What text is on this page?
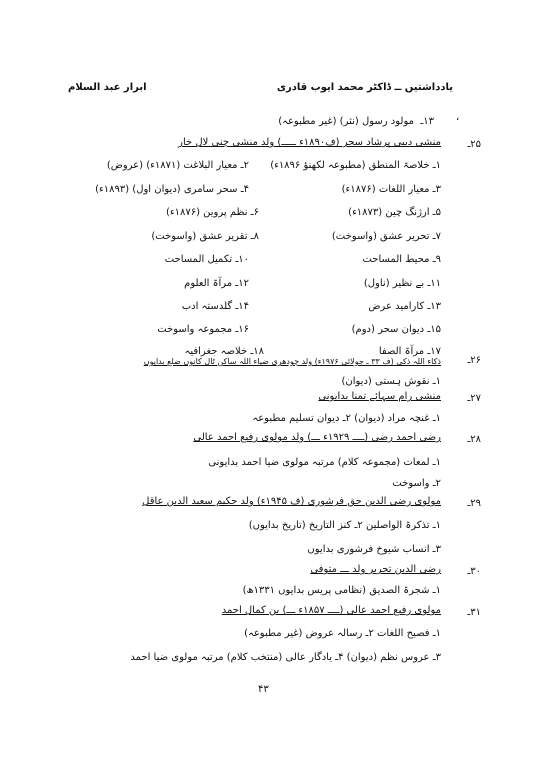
یادداشتیں ــ ڈاکٹر محمد ایوب قادری
ابرار عبد السلام
،
۱۳ـ
مولود رسول (نثر) (غیر مطبوعہ)
۲۵ـ
منشی دیبی پرشاد سحر (ف۱۸۹۰ء ـــــ) ولد منشی چنی لال خار
۱ـ خلاصۃ المنطق (مطبوعہ لکھنؤ ۱۸۹۶ء)
۲ـ معیار البلاغت (۱۸۷۱ء) (عروض)
۳ـ معیار اللغات (۱۸۷۶ء)
۴ـ سحر سامری (دیوان اول) (۱۸۹۳ء)
۵ـ ارژنگ چین (۱۸۷۳ء)
۶ـ نظم پروین (۱۸۷۶ء)
۷ـ تحریر عشق (واسوخت)
۸ـ تقریر عشق (واسوخت)
۹ـ محیط المساحت
۱۰ـ تکمیل المساحت
۱۱ـ بے نظیر (ناول)
۱۲ـ مرآۃ العلوم
۱۳ـ کارامید عرض
۱۴ـ گلدستہ ادب
۱۵ـ دیوان سحر (دوم)
۱۶ـ مجموعہ واسوخت
۱۷ـ مرآۃ الصفا
۱۸ـ خلاصہ جغرافیہ
۲۶ـ
ذکاء اللہ ذکی (ف ۳۳ ـ جولائی ۱۹۷۶ء) ولد چودھری ضیاء اللہ ساکن ٹال کانوں ضلع بدایوں
۱ـ نقوش ہستی (دیوان)
۲۷ـ
منشی رام سہائے تمنا بدایونی
۱ـ غنچہ مراد (دیوان) ۲ـ دیوان تسلیم مطبوعہ
۲۸ـ
رضی احمد رضی (ــــ ۱۹۲۹ء ـــ) ولد مولوی رفیع احمد عالی
۱ـ لمعات (مجموعہ کلام) مرتبہ مولوی ضیا احمد بدایونی
۲ـ واسوخت
۲۹ـ
مولوی رضی الدین حق فرشوری (ف ۱۹۴۵ء) ولد حکیم سعید الدین عاقل
۱ـ تذکرۃ الواصلین ۲ـ کنز التاریخ (تاریخ بدایوں)
۳ـ انساب شیوخ فرشوری بدایوں
۳۰ـ
رضی الدین تحریر ولد ـــ متوفی
۱ـ شجرۃ الصدیق (نظامی پریس بدایوں ۱۳۳۱ھ)
۳۱ـ
مولوی رفیع احمد عالی (ــــ ۱۸۵۷ء ـــ) بن کمال احمد
۱ـ فصیح اللغات ۲ـ رسالہ عروض (غیر مطبوعہ)
۳ـ عروس نظم (دیوان) ۴ـ یادگار عالی (منتخب کلام) مرتبہ مولوی ضیا احمد
۴۳
